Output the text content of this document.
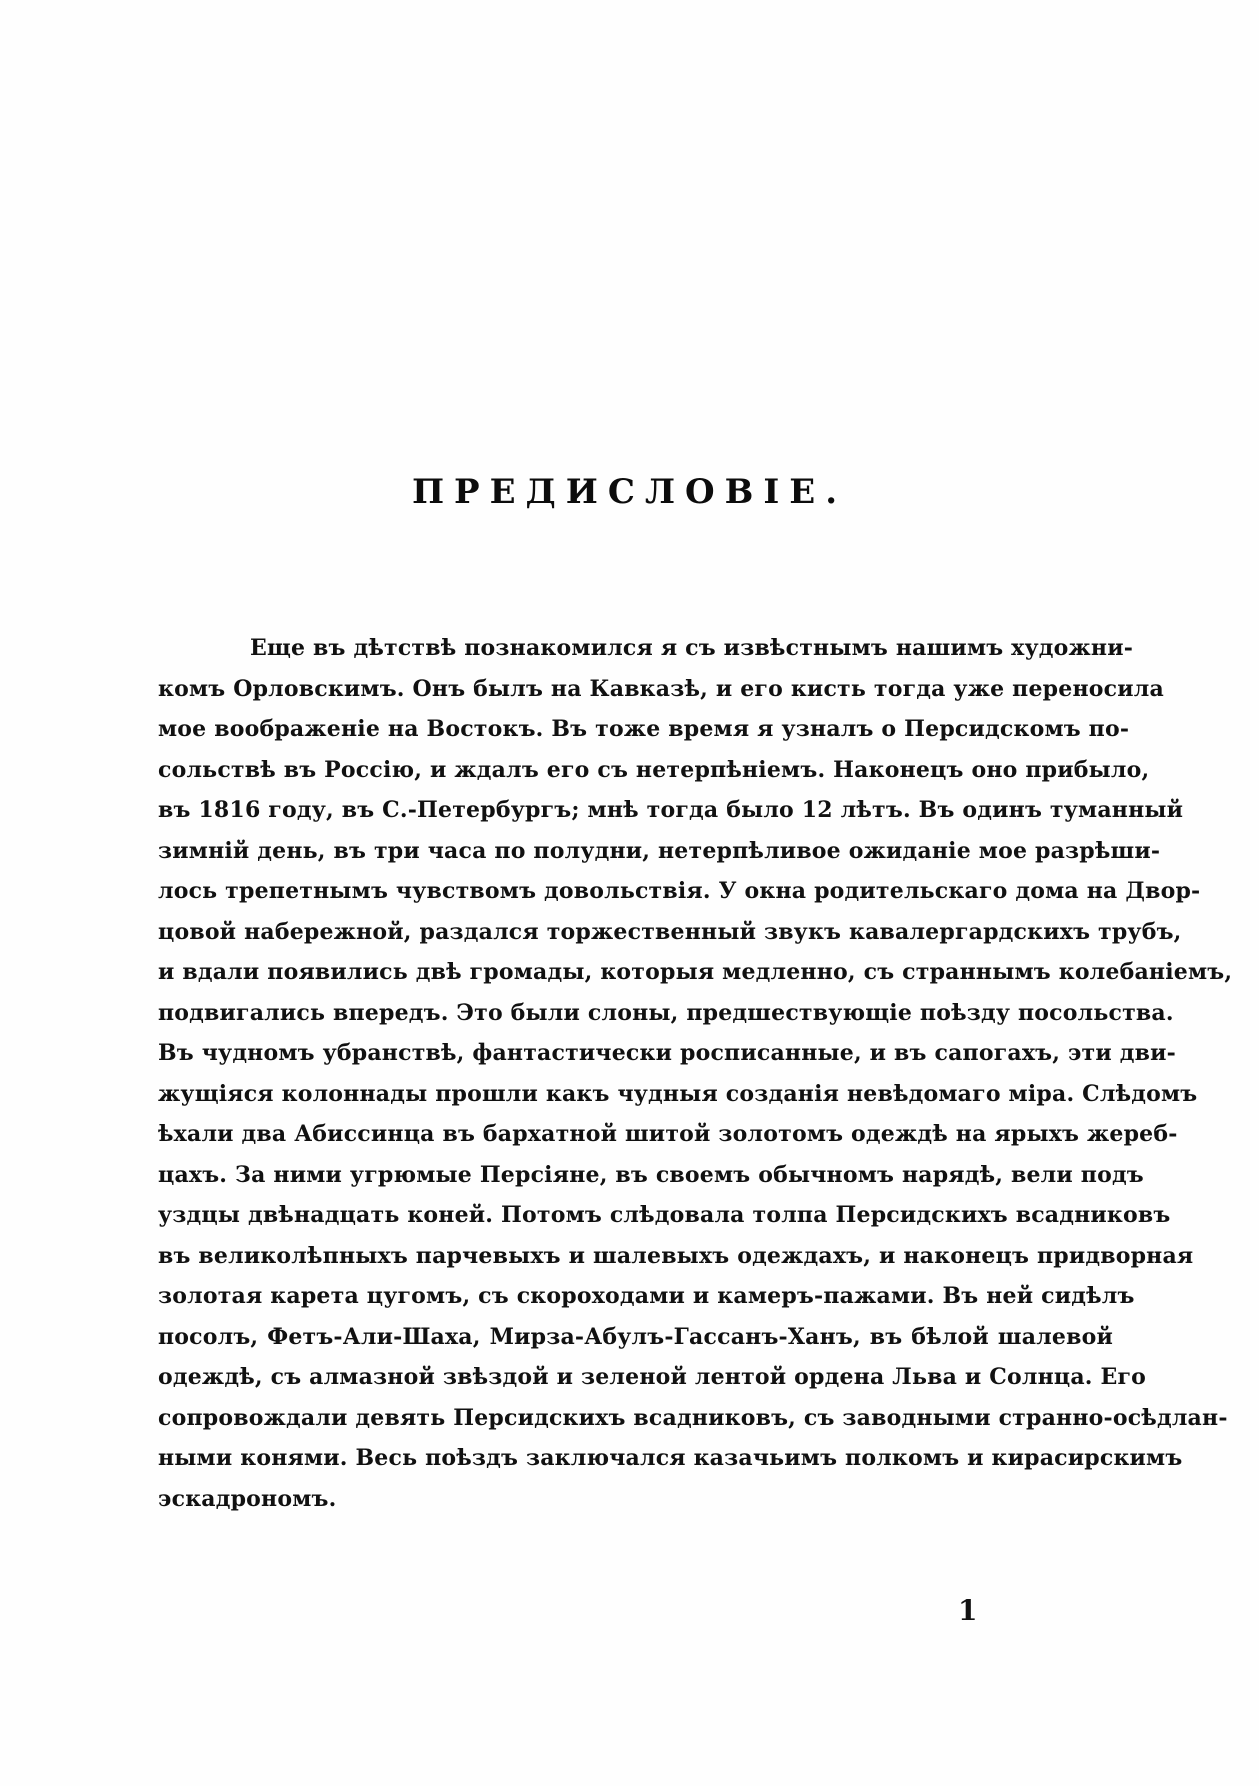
ПРЕДИСЛОВІЕ.
Еще въ дѣтствѣ познакомился я съ извѣстнымъ нашимъ художни-
комъ Орловскимъ. Онъ былъ на Кавказѣ, и его кисть тогда уже переносила
мое воображеніе на Востокъ. Въ тоже время я узналъ о Персидскомъ по-
сольствѣ въ Россію, и ждалъ его съ нетерпѣніемъ. Наконецъ оно прибыло,
въ 1816 году, въ С.-Петербургъ; мнѣ тогда было 12 лѣтъ. Въ одинъ туманный
зимній день, въ три часа по полудни, нетерпѣливое ожиданіе мое разрѣши-
лось трепетнымъ чувствомъ довольствія. У окна родительскаго дома на Двор-
цовой набережной, раздался торжественный звукъ кавалергардскихъ трубъ,
и вдали появились двѣ громады, которыя медленно, съ страннымъ колебаніемъ,
подвигались впередъ. Это были слоны, предшествующіе поѣзду посольства.
Въ чудномъ убранствѣ, фантастически росписанные, и въ сапогахъ, эти дви-
жущіяся колоннады прошли какъ чудныя созданія невѣдомаго міра. Слѣдомъ
ѣхали два Абиссинца въ бархатной шитой золотомъ одеждѣ на ярыхъ жереб-
цахъ. За ними угрюмые Персіяне, въ своемъ обычномъ нарядѣ, вели подъ
уздцы двѣнадцать коней. Потомъ слѣдовала толпа Персидскихъ всадниковъ
въ великолѣпныхъ парчевыхъ и шалевыхъ одеждахъ, и наконецъ придворная
золотая карета цугомъ, съ скороходами и камеръ-пажами. Въ ней сидѣлъ
посолъ, Фетъ-Али-Шаха, Мирза-Абулъ-Гассанъ-Ханъ, въ бѣлой шалевой
одеждѣ, съ алмазной звѣздой и зеленой лентой ордена Льва и Солнца. Его
сопровождали девять Персидскихъ всадниковъ, съ заводными странно-осѣдлан-
ными конями. Весь поѣздъ заключался казачьимъ полкомъ и кирасирскимъ
эскадрономъ.
1
